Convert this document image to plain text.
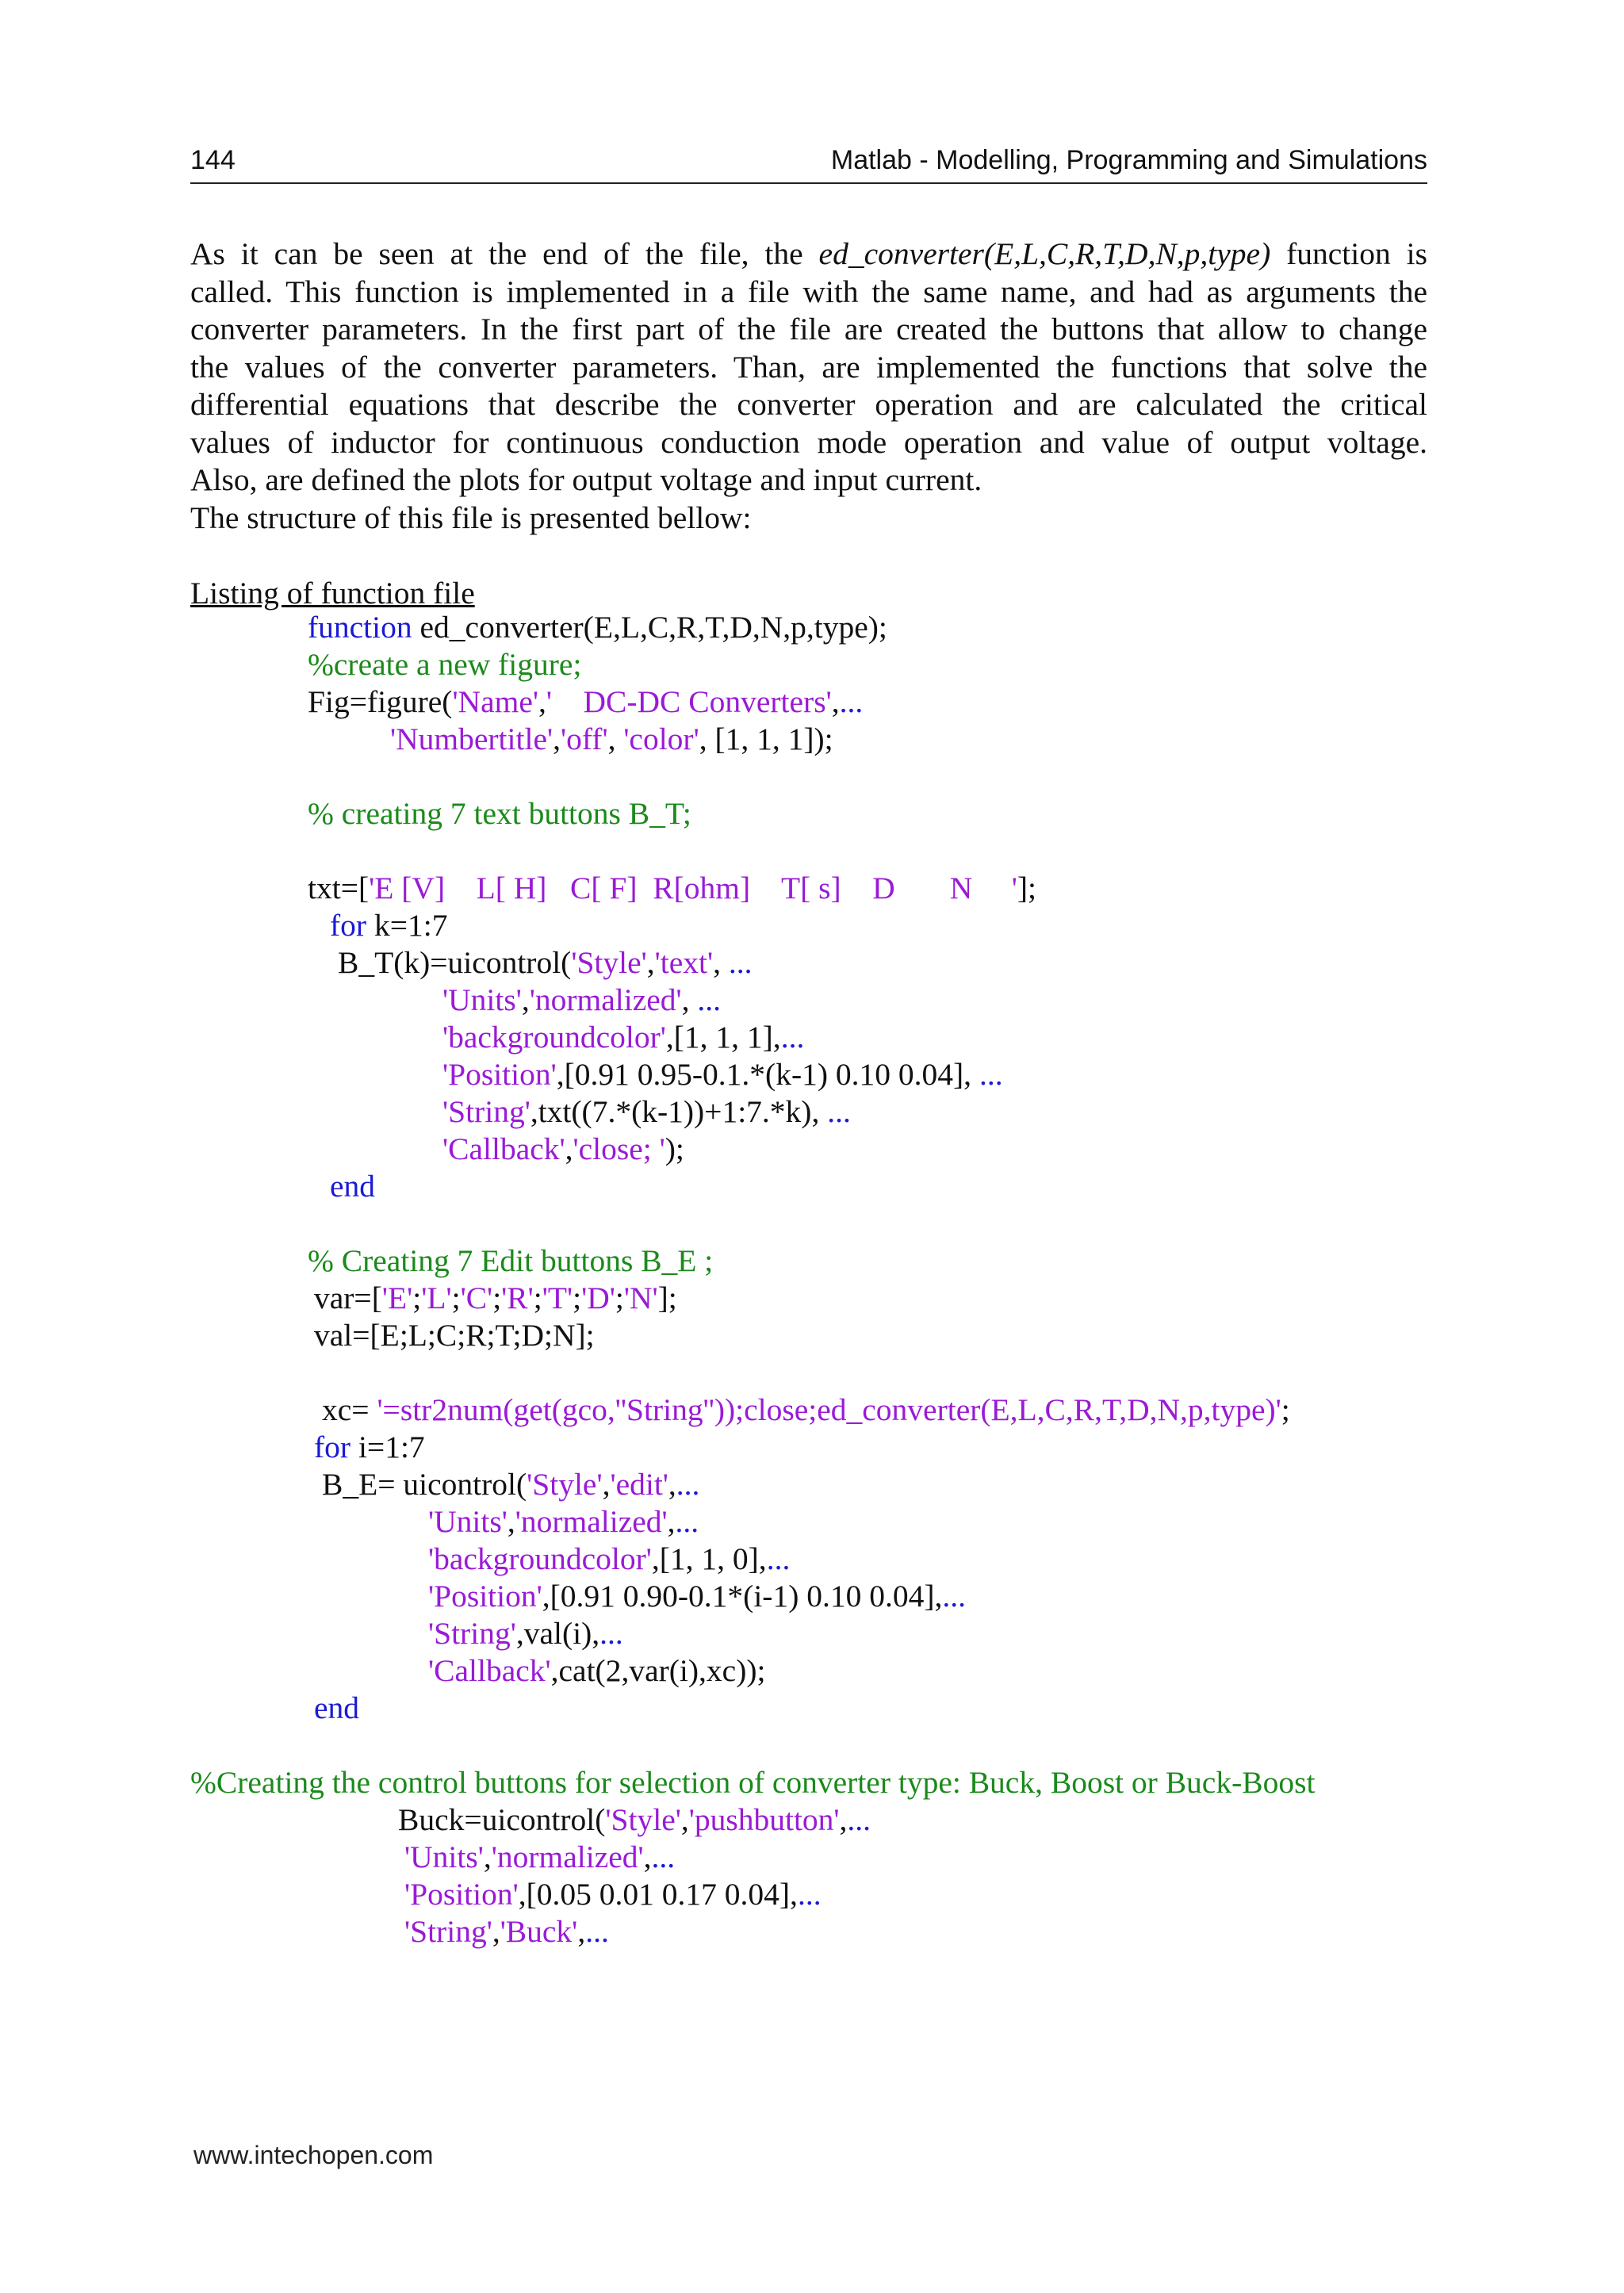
144	Matlab - Modelling, Programming and Simulations
As it can be seen at the end of the file, the ed_converter(E,L,C,R,T,D,N,p,type) function is
called. This function is implemented in a file with the same name, and had as arguments the
converter parameters. In the first part of the file are created the buttons that allow to change
the values of the converter parameters. Than, are implemented the functions that solve the
differential equations that describe the converter operation and are calculated the critical
values of inductor for continuous conduction mode operation and value of output voltage.
Also, are defined the plots for output voltage and input current.
The structure of this file is presented bellow:
Listing of function file
function ed_converter(E,L,C,R,T,D,N,p,type);
%create a new figure;
Fig=figure('Name','    DC-DC Converters',...
'Numbertitle','off', 'color', [1, 1, 1]);
% creating 7 text buttons B_T;
txt=['E [V]    L[ H]   C[ F]  R[ohm]    T[ s]    D       N     '];
for k=1:7
B_T(k)=uicontrol('Style','text', ...
'Units','normalized', ...
'backgroundcolor',[1, 1, 1],...
'Position',[0.91 0.95-0.1.*(k-1) 0.10 0.04], ...
'String',txt((7.*(k-1))+1:7.*k), ...
'Callback','close; ');
end
% Creating 7 Edit buttons B_E ;
var=['E';'L';'C';'R';'T';'D';'N'];
val=[E;L;C;R;T;D;N];
xc= '=str2num(get(gco,''String''));close;ed_converter(E,L,C,R,T,D,N,p,type)';
for i=1:7
B_E= uicontrol('Style','edit',...
'Units','normalized',...
'backgroundcolor',[1, 1, 0],...
'Position',[0.91 0.90-0.1*(i-1) 0.10 0.04],...
'String',val(i),...
'Callback',cat(2,var(i),xc));
end
%Creating the control buttons for selection of converter type: Buck, Boost or Buck-Boost
Buck=uicontrol('Style','pushbutton',...
'Units','normalized',...
'Position',[0.05 0.01 0.17 0.04],...
'String','Buck',...
www.intechopen.com
